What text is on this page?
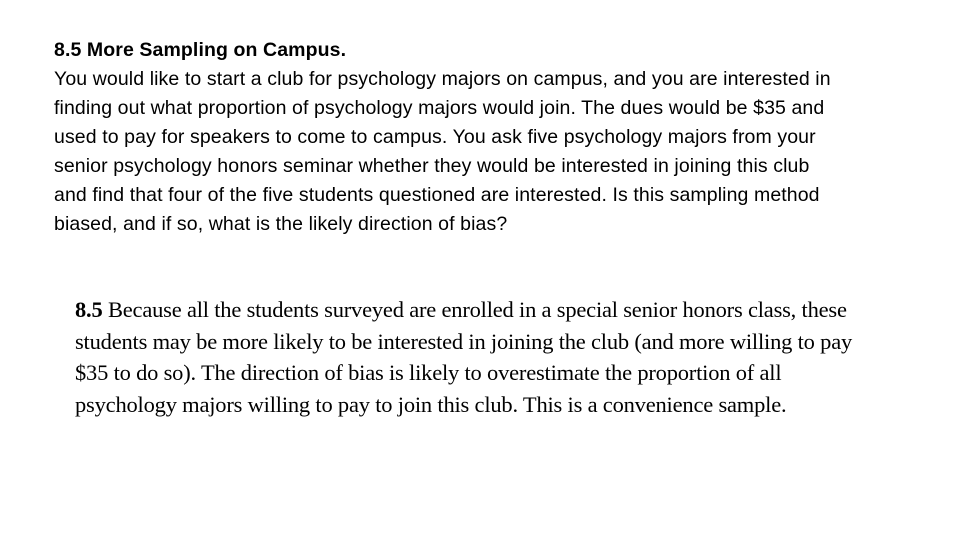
8.5 More Sampling on Campus.
You would like to start a club for psychology majors on campus, and you are interested in
finding out what proportion of psychology majors would join. The dues would be $35 and
used to pay for speakers to come to campus. You ask five psychology majors from your
senior psychology honors seminar whether they would be interested in joining this club
and find that four of the five students questioned are interested. Is this sampling method
biased, and if so, what is the likely direction of bias?
8.5 Because all the students surveyed are enrolled in a special senior honors class, these
students may be more likely to be interested in joining the club (and more willing to pay
$35 to do so). The direction of bias is likely to overestimate the proportion of all
psychology majors willing to pay to join this club. This is a convenience sample.
